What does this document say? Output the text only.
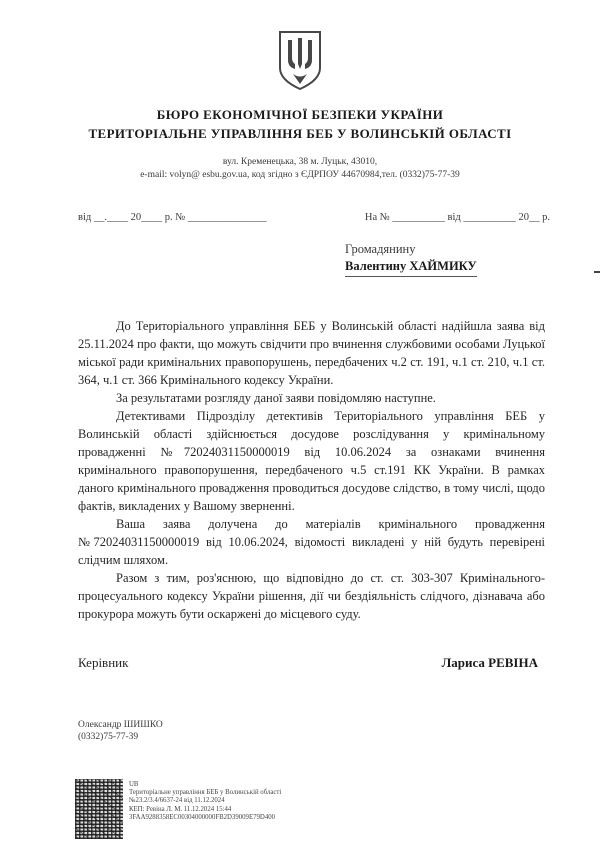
БЮРО ЕКОНОМІЧНОЇ БЕЗПЕКИ УКРАЇНИ
ТЕРИТОРІАЛЬНЕ УПРАВЛІННЯ БЕБ У ВОЛИНСЬКІЙ ОБЛАСТІ
вул. Кременецька, 38 м. Луцьк, 43010,
e-mail: volyn@ esbu.gov.ua, код згідно з ЄДРПОУ 44670984,тел. (0332)75-77-39
від __.____ 20____ р. № _______________	На № __________ від __________ 20__ р.
Громадянину
Валентину ХАЙМИКУ

До Територіального управління БЕБ у Волинській області надійшла заява від 25.11.2024 про факти, що можуть свідчити про вчинення службовими особами Луцької міської ради кримінальних правопорушень, передбачених ч.2 ст. 191, ч.1 ст. 210, ч.1 ст. 364, ч.1 ст. 366 Кримінального кодексу України.

За результатами розгляду даної заяви повідомляю наступне.

Детективами Підрозділу детективів Територіального управління БЕБ у Волинській області здійснюється досудове розслідування у кримінальному провадженні №72024031150000019 від 10.06.2024 за ознаками вчинення кримінального правопорушення, передбаченого ч.5 ст.191 КК України. В рамках даного кримінального провадження проводиться досудове слідство, в тому числі, щодо фактів, викладених у Вашому зверненні.

Ваша заява долучена до матеріалів кримінального провадження №72024031150000019 від 10.06.2024, відомості викладені у ній будуть перевірені слідчим шляхом.

Разом з тим, роз'яснюю, що відповідно до ст. ст. 303-307 Кримінального-процесуального кодексу України рішення, дії чи бездіяльність слідчого, дізнавача або прокурора можуть бути оскаржені до місцевого суду.

Керівник	Лариса РЕВІНА
Олександр ШИШКО
(0332)75-77-39
UB
Територіальне управління БЕБ у Волинській області
№23.2/3.4/6637-24 від 11.12.2024
КЕП: Ревіна Л. М. 11.12.2024 15:44
3FAA9288358EC00304000000FB2D39009E79D400
